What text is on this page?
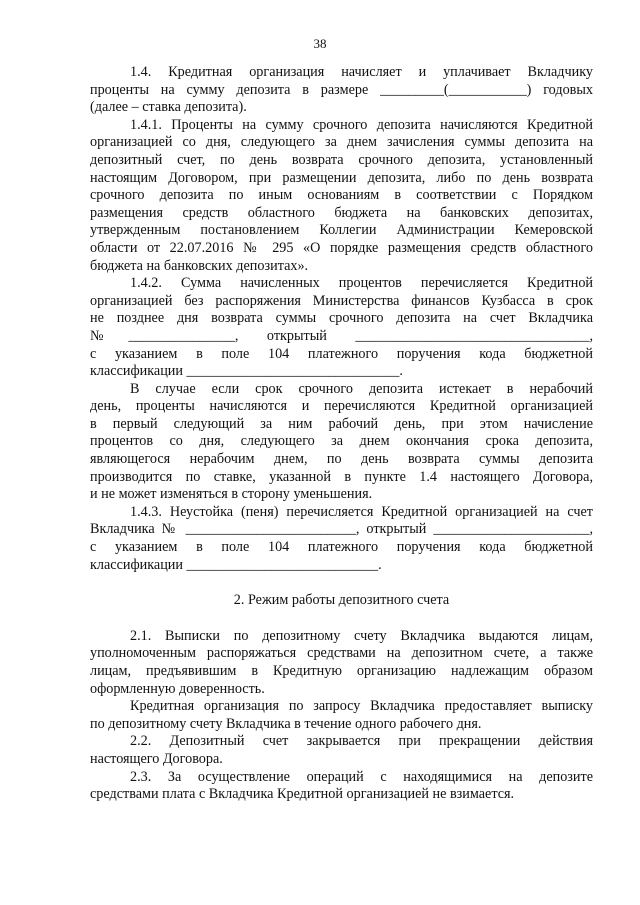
38
1.4. Кредитная организация начисляет и уплачивает Вкладчику
проценты на сумму депозита в размере _________(___________) годовых
(далее – ставка депозита).
1.4.1. Проценты на сумму срочного депозита начисляются Кредитной
организацией со дня, следующего за днем зачисления суммы депозита на
депозитный счет, по день возврата срочного депозита, установленный
настоящим Договором, при размещении депозита, либо по день возврата
срочного депозита по иным основаниям в соответствии с Порядком
размещения средств областного бюджета на банковских депозитах,
утвержденным постановлением Коллегии Администрации Кемеровской
области от 22.07.2016 № 295 «О порядке размещения средств областного
бюджета на банковских депозитах».
1.4.2. Сумма начисленных процентов перечисляется Кредитной
организацией без распоряжения Министерства финансов Кузбасса в срок
не позднее дня возврата суммы срочного депозита на счет Вкладчика
№_______________, открытый _________________________________,
с указанием в поле 104 платежного поручения кода бюджетной
классификации ______________________________.
В случае если срок срочного депозита истекает в нерабочий
день, проценты начисляются и перечисляются Кредитной организацией
в первый следующий за ним рабочий день, при этом начисление
процентов со дня, следующего за днем окончания срока депозита,
являющегося нерабочим днем, по день возврата суммы депозита
производится по ставке, указанной в пункте 1.4 настоящего Договора,
и не может изменяться в сторону уменьшения.
1.4.3. Неустойка (пеня) перечисляется Кредитной организацией на счет
Вкладчика № ________________________, открытый ______________________,
с указанием в поле 104 платежного поручения кода бюджетной
классификации ___________________________.
2. Режим работы депозитного счета
2.1. Выписки по депозитному счету Вкладчика выдаются лицам,
уполномоченным распоряжаться средствами на депозитном счете, а также
лицам, предъявившим в Кредитную организацию надлежащим образом
оформленную доверенность.
Кредитная организация по запросу Вкладчика предоставляет выписку
по депозитному счету Вкладчика в течение одного рабочего дня.
2.2. Депозитный счет закрывается при прекращении действия
настоящего Договора.
2.3. За осуществление операций с находящимися на депозите
средствами плата с Вкладчика Кредитной организацией не взимается.
